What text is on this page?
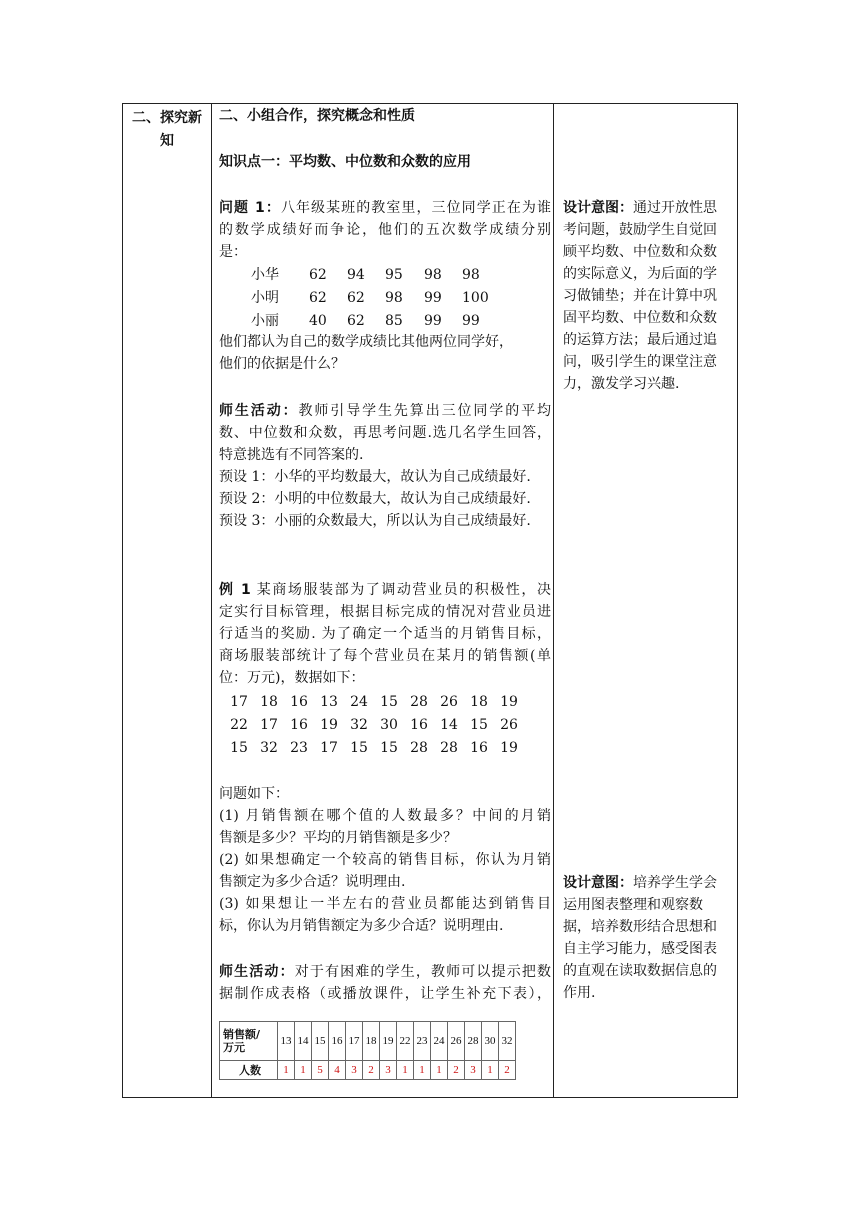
二、探究新
知
二、小组合作，探究概念和性质
知识点一：平均数、中位数和众数的应用
问题 1：八年级某班的教室里，三位同学正在为谁
的数学成绩好而争论，他们的五次数学成绩分别
是：
小华 62 94 95 98 98
小明 62 62 98 99 100
小丽 40 62 85 99 99
他们都认为自己的数学成绩比其他两位同学好，
他们的依据是什么？
师生活动：教师引导学生先算出三位同学的平均
数、中位数和众数，再思考问题.选几名学生回答，
特意挑选有不同答案的.
预设 1：小华的平均数最大，故认为自己成绩最好.
预设 2：小明的中位数最大，故认为自己成绩最好.
预设 3：小丽的众数最大，所以认为自己成绩最好.
例 1 某商场服装部为了调动营业员的积极性，决
定实行目标管理，根据目标完成的情况对营业员进
行适当的奖励. 为了确定一个适当的月销售目标，
商场服装部统计了每个营业员在某月的销售额(单
位：万元)，数据如下：
17 18 16 13 24 15 28 26 18 19
22 17 16 19 32 30 16 14 15 26
15 32 23 17 15 15 28 28 16 19
问题如下：
(1) 月销售额在哪个值的人数最多？中间的月销
售额是多少？平均的月销售额是多少？
(2) 如果想确定一个较高的销售目标，你认为月销
售额定为多少合适？说明理由.
(3) 如果想让一半左右的营业员都能达到销售目
标，你认为月销售额定为多少合适？说明理由.
师生活动：对于有困难的学生，教师可以提示把数
据制作成表格（或播放课件，让学生补充下表），
销售额/
万元	13	14	15	16	17	18	19	22	23	24	26	28	30	32
人数	1	1	5	4	3	2	3	1	1	1	2	3	1	2
设计意图：通过开放性思
考问题，鼓励学生自觉回
顾平均数、中位数和众数
的实际意义，为后面的学
习做铺垫；并在计算中巩
固平均数、中位数和众数
的运算方法；最后通过追
问，吸引学生的课堂注意
力，激发学习兴趣.
设计意图：培养学生学会
运用图表整理和观察数
据，培养数形结合思想和
自主学习能力，感受图表
的直观在读取数据信息的
作用.
